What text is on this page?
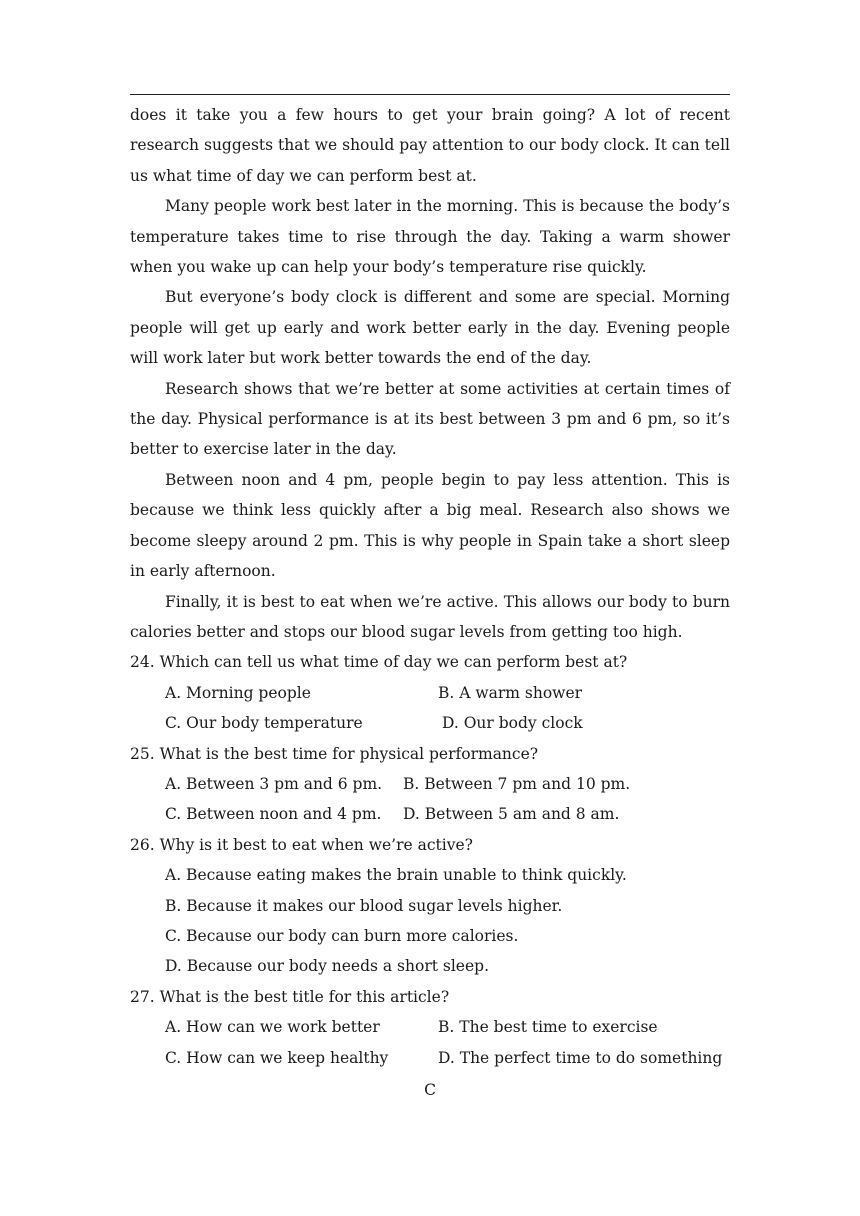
does it take you a few hours to get your brain going? A lot of recent research suggests that we should pay attention to our body clock. It can tell us what time of day we can perform best at.

Many people work best later in the morning. This is because the body’s temperature takes time to rise through the day. Taking a warm shower when you wake up can help your body’s temperature rise quickly.

But everyone’s body clock is different and some are special. Morning people will get up early and work better early in the day. Evening people will work later but work better towards the end of the day.

Research shows that we’re better at some activities at certain times of the day. Physical performance is at its best between 3 pm and 6 pm, so it’s better to exercise later in the day.

Between noon and 4 pm, people begin to pay less attention. This is because we think less quickly after a big meal. Research also shows we become sleepy around 2 pm. This is why people in Spain take a short sleep in early afternoon.

Finally, it is best to eat when we’re active. This allows our body to burn calories better and stops our blood sugar levels from getting too high.

24. Which can tell us what time of day we can perform best at?

A. Morning people	B. A warm shower
C. Our body temperature	D. Our body clock

25. What is the best time for physical performance?

A. Between 3 pm and 6 pm. B. Between 7 pm and 10 pm.
C. Between noon and 4 pm. D. Between 5 am and 8 am.

26. Why is it best to eat when we’re active?

A. Because eating makes the brain unable to think quickly.

B. Because it makes our blood sugar levels higher.

C. Because our body can burn more calories.

D. Because our body needs a short sleep.

27. What is the best title for this article?

A. How can we work better	B. The best time to exercise
C. How can we keep healthy	D. The perfect time to do something
C
